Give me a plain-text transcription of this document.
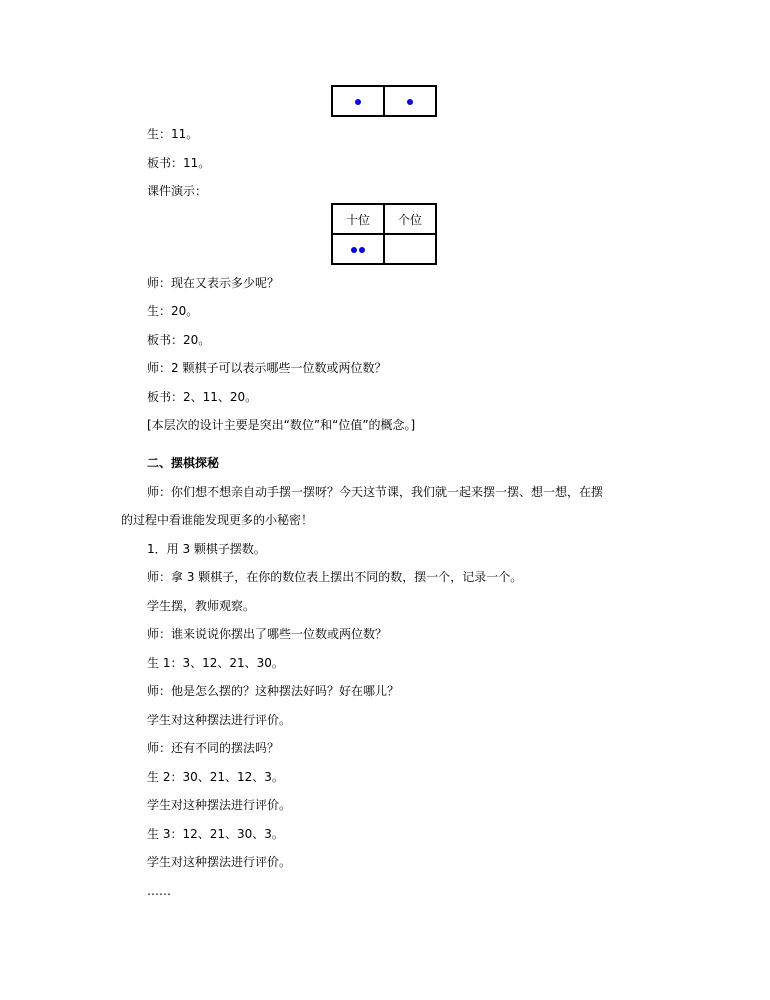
生：11。
板书：11。
课件演示：
十位	个位

师：现在又表示多少呢？
生：20。
板书：20。
师：2 颗棋子可以表示哪些一位数或两位数？
板书：2、11、20。
[本层次的设计主要是突出“数位”和“位值”的概念。]
二、摆棋探秘
师：你们想不想亲自动手摆一摆呀？今天这节课，我们就一起来摆一摆、想一想，在摆
的过程中看谁能发现更多的小秘密！
1．用 3 颗棋子摆数。
师：拿 3 颗棋子，在你的数位表上摆出不同的数，摆一个，记录一个。
学生摆，教师观察。
师：谁来说说你摆出了哪些一位数或两位数？
生 1：3、12、21、30。
师：他是怎么摆的？这种摆法好吗？好在哪儿？
学生对这种摆法进行评价。
师：还有不同的摆法吗？
生 2：30、21、12、3。
学生对这种摆法进行评价。
生 3：12、21、30、3。
学生对这种摆法进行评价。
……
